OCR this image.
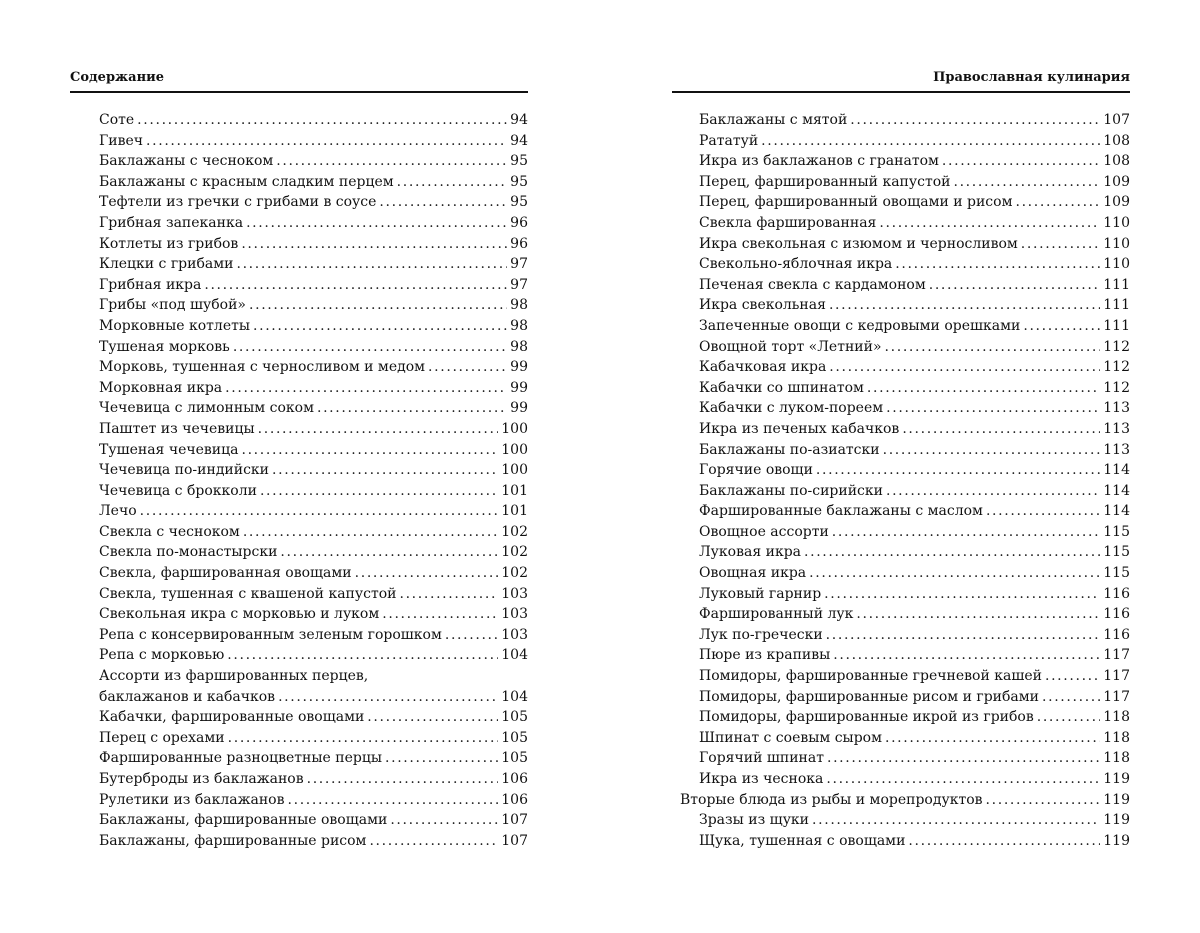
Содержание
Соте . . .	94
Гивеч . . .	94
Баклажаны с чесноком . . .	95
Баклажаны с красным сладким перцем . . .	95
Тефтели из гречки с грибами в соусе . . .	95
Грибная запеканка . . .	96
Котлеты из грибов . . .	96
Клецки с грибами . . .	97
Грибная икра . . .	97
Грибы «под шубой» . . .	98
Морковные котлеты . . .	98
Тушеная морковь . . .	98
Морковь, тушенная с черносливом и медом . . .	99
Морковная икра . . .	99
Чечевица с лимонным соком . . .	99
Паштет из чечевицы . . .	100
Тушеная чечевица . . .	100
Чечевица по-индийски . . .	100
Чечевица с брокколи . . .	101
Лечо . . .	101
Свекла с чесноком . . .	102
Свекла по-монастырски . . .	102
Свекла, фаршированная овощами . . .	102
Свекла, тушенная с квашеной капустой . . .	103
Свекольная икра с морковью и луком . . .	103
Репа с консервированным зеленым горошком . . .	103
Репа с морковью . . .	104
Ассорти из фаршированных перцев,
баклажанов и кабачков . . .	104
Кабачки, фаршированные овощами . . .	105
Перец с орехами . . .	105
Фаршированные разноцветные перцы . . .	105
Бутерброды из баклажанов . . .	106
Рулетики из баклажанов . . .	106
Баклажаны, фаршированные овощами . . .	107
Баклажаны, фаршированные рисом . . .	107
Православная кулинария
Баклажаны с мятой . . .	107
Рататуй . . .	108
Икра из баклажанов с гранатом . . .	108
Перец, фаршированный капустой . . .	109
Перец, фаршированный овощами и рисом . . .	109
Свекла фаршированная . . .	110
Икра свекольная с изюмом и черносливом . . .	110
Свекольно-яблочная икра . . .	110
Печеная свекла с кардамоном . . .	111
Икра свекольная . . .	111
Запеченные овощи с кедровыми орешками . . .	111
Овощной торт «Летний» . . .	112
Кабачковая икра . . .	112
Кабачки со шпинатом . . .	112
Кабачки с луком-пореем . . .	113
Икра из печеных кабачков . . .	113
Баклажаны по-азиатски . . .	113
Горячие овощи . . .	114
Баклажаны по-сирийски . . .	114
Фаршированные баклажаны с маслом . . .	114
Овощное ассорти . . .	115
Луковая икра . . .	115
Овощная икра . . .	115
Луковый гарнир . . .	116
Фаршированный лук . . .	116
Лук по-гречески . . .	116
Пюре из крапивы . . .	117
Помидоры, фаршированные гречневой кашей . . .	117
Помидоры, фаршированные рисом и грибами . . .	117
Помидоры, фаршированные икрой из грибов . . .	118
Шпинат с соевым сыром . . .	118
Горячий шпинат . . .	118
Икра из чеснока . . .	119
Вторые блюда из рыбы и морепродуктов . . .	119
Зразы из щуки . . .	119
Щука, тушенная с овощами . . .	119
